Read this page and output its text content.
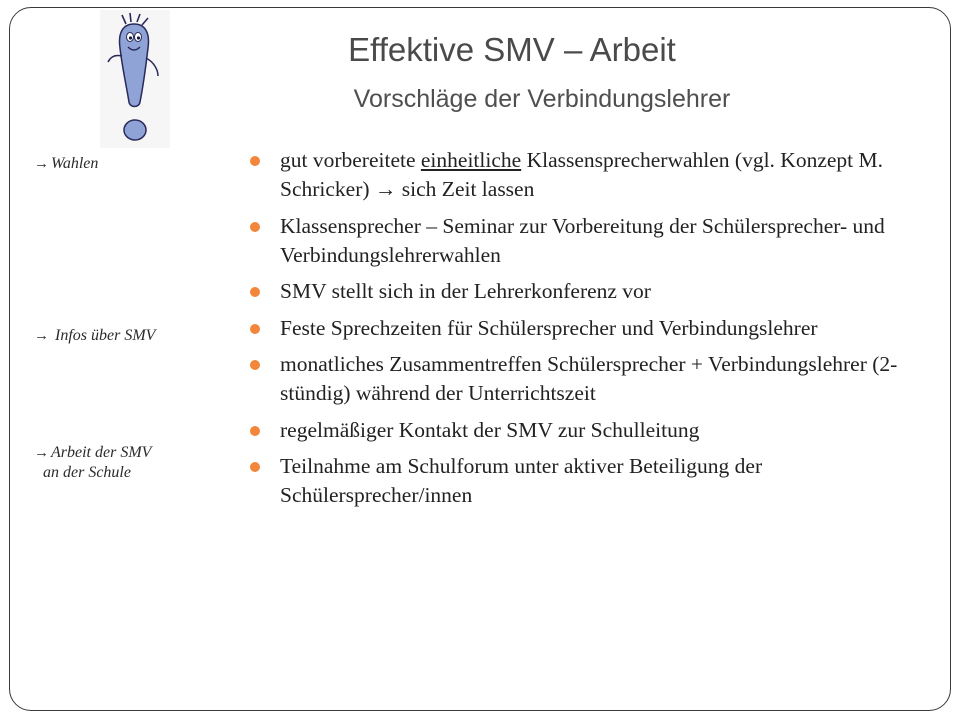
Effektive SMV – Arbeit
Vorschläge der Verbindungslehrer
→ Wahlen
→ Infos über SMV
→ Arbeit der SMV
an der Schule
gut vorbereitete einheitliche Klassensprecherwahlen (vgl. Konzept M. Schricker) → sich Zeit lassen
Klassensprecher – Seminar zur Vorbereitung der Schülersprecher- und Verbindungslehrerwahlen
SMV stellt sich in der Lehrerkonferenz vor
Feste Sprechzeiten für Schülersprecher und Verbindungslehrer
monatliches Zusammentreffen Schülersprecher + Verbindungslehrer (2-stündig) während der Unterrichtszeit
regelmäßiger Kontakt der SMV zur Schulleitung
Teilnahme am Schulforum unter aktiver Beteiligung der Schülersprecher/innen
